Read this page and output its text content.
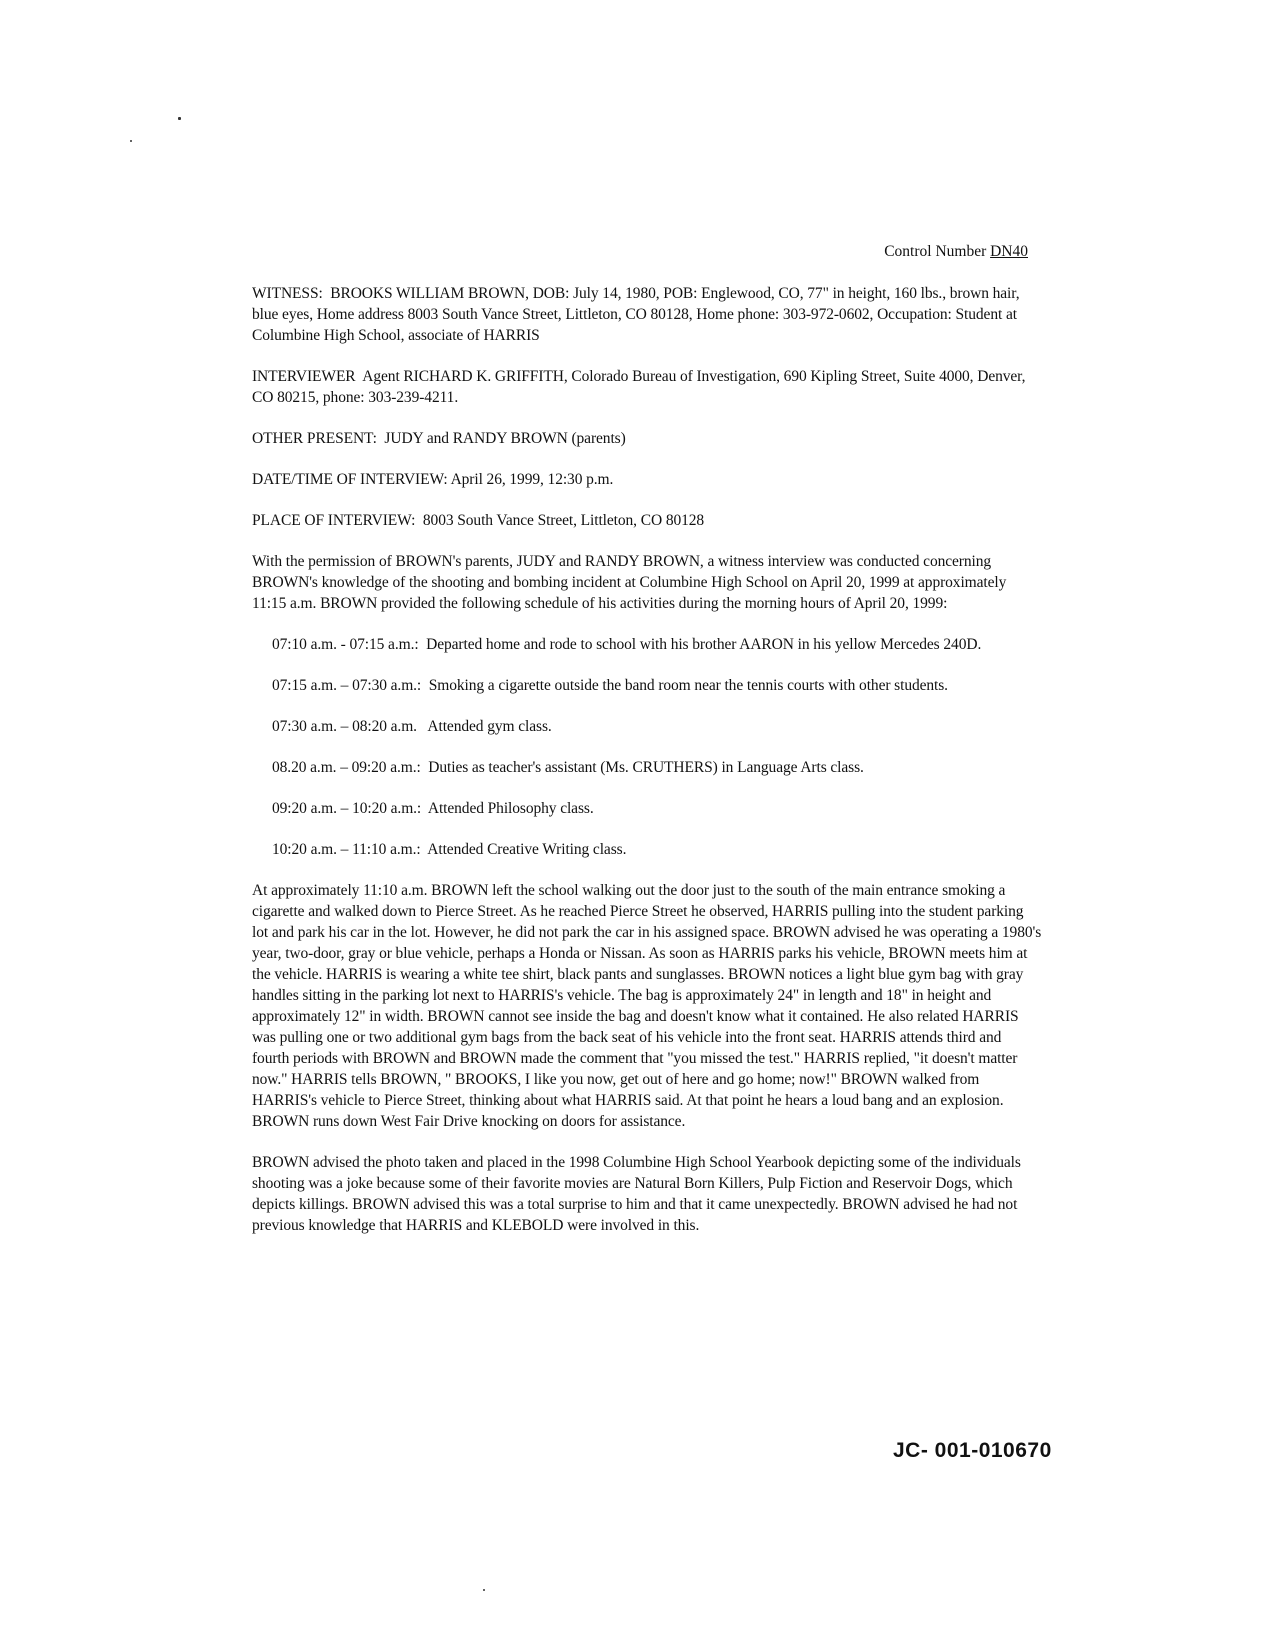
Control Number DN40

WITNESS: BROOKS WILLIAM BROWN, DOB: July 14, 1980, POB: Englewood, CO, 77" in height, 160 lbs., brown hair, blue eyes, Home address 8003 South Vance Street, Littleton, CO 80128, Home phone: 303-972-0602, Occupation: Student at Columbine High School, associate of HARRIS

INTERVIEWER Agent RICHARD K. GRIFFITH, Colorado Bureau of Investigation, 690 Kipling Street, Suite 4000, Denver, CO 80215, phone: 303-239-4211.

OTHER PRESENT: JUDY and RANDY BROWN (parents)

DATE/TIME OF INTERVIEW: April 26, 1999, 12:30 p.m.

PLACE OF INTERVIEW: 8003 South Vance Street, Littleton, CO 80128

With the permission of BROWN's parents, JUDY and RANDY BROWN, a witness interview was conducted concerning BROWN's knowledge of the shooting and bombing incident at Columbine High School on April 20, 1999 at approximately 11:15 a.m. BROWN provided the following schedule of his activities during the morning hours of April 20, 1999:

07:10 a.m. - 07:15 a.m.: Departed home and rode to school with his brother AARON in his yellow Mercedes 240D.

07:15 a.m. – 07:30 a.m.: Smoking a cigarette outside the band room near the tennis courts with other students.

07:30 a.m. – 08:20 a.m. Attended gym class.

08.20 a.m. – 09:20 a.m.: Duties as teacher's assistant (Ms. CRUTHERS) in Language Arts class.

09:20 a.m. – 10:20 a.m.: Attended Philosophy class.

10:20 a.m. – 11:10 a.m.: Attended Creative Writing class.

At approximately 11:10 a.m. BROWN left the school walking out the door just to the south of the main entrance smoking a cigarette and walked down to Pierce Street. As he reached Pierce Street he observed, HARRIS pulling into the student parking lot and park his car in the lot. However, he did not park the car in his assigned space. BROWN advised he was operating a 1980's year, two-door, gray or blue vehicle, perhaps a Honda or Nissan. As soon as HARRIS parks his vehicle, BROWN meets him at the vehicle. HARRIS is wearing a white tee shirt, black pants and sunglasses. BROWN notices a light blue gym bag with gray handles sitting in the parking lot next to HARRIS's vehicle. The bag is approximately 24" in length and 18" in height and approximately 12" in width. BROWN cannot see inside the bag and doesn't know what it contained. He also related HARRIS was pulling one or two additional gym bags from the back seat of his vehicle into the front seat. HARRIS attends third and fourth periods with BROWN and BROWN made the comment that "you missed the test." HARRIS replied, "it doesn't matter now." HARRIS tells BROWN, " BROOKS, I like you now, get out of here and go home; now!" BROWN walked from HARRIS's vehicle to Pierce Street, thinking about what HARRIS said. At that point he hears a loud bang and an explosion. BROWN runs down West Fair Drive knocking on doors for assistance.

BROWN advised the photo taken and placed in the 1998 Columbine High School Yearbook depicting some of the individuals shooting was a joke because some of their favorite movies are Natural Born Killers, Pulp Fiction and Reservoir Dogs, which depicts killings. BROWN advised this was a total surprise to him and that it came unexpectedly. BROWN advised he had not previous knowledge that HARRIS and KLEBOLD were involved in this.

JC- 001-010670
